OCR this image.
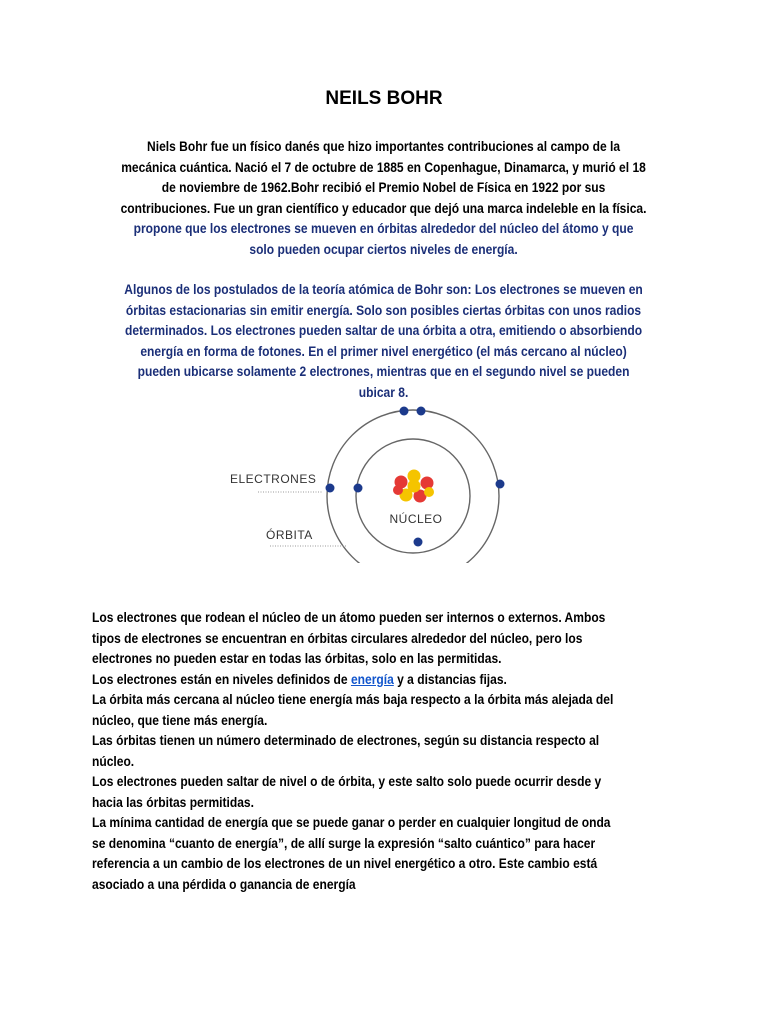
NEILS BOHR
Niels Bohr fue un físico danés que hizo importantes contribuciones al campo de la
mecánica cuántica. Nació el 7 de octubre de 1885 en Copenhague, Dinamarca, y murió el 18
de noviembre de 1962.Bohr recibió el Premio Nobel de Física en 1922 por sus
contribuciones. Fue un gran científico y educador que dejó una marca indeleble en la física.
propone que los electrones se mueven en órbitas alrededor del núcleo del átomo y que
solo pueden ocupar ciertos niveles de energía.
Algunos de los postulados de la teoría atómica de Bohr son: Los electrones se mueven en
órbitas estacionarias sin emitir energía. Solo son posibles ciertas órbitas con unos radios
determinados. Los electrones pueden saltar de una órbita a otra, emitiendo o absorbiendo
energía en forma de fotones. En el primer nivel energético (el más cercano al núcleo)
pueden ubicarse solamente 2 electrones, mientras que en el segundo nivel se pueden
ubicar 8.
ELECTRONES
ÓRBITA
NÚCLEO
Los electrones que rodean el núcleo de un átomo pueden ser internos o externos. Ambos
tipos de electrones se encuentran en órbitas circulares alrededor del núcleo, pero los
electrones no pueden estar en todas las órbitas, solo en las permitidas.
Los electrones están en niveles definidos de energía y a distancias fijas.
La órbita más cercana al núcleo tiene energía más baja respecto a la órbita más alejada del
núcleo, que tiene más energía.
Las órbitas tienen un número determinado de electrones, según su distancia respecto al
núcleo.
Los electrones pueden saltar de nivel o de órbita, y este salto solo puede ocurrir desde y
hacia las órbitas permitidas.
La mínima cantidad de energía que se puede ganar o perder en cualquier longitud de onda
se denomina “cuanto de energía”, de allí surge la expresión “salto cuántico” para hacer
referencia a un cambio de los electrones de un nivel energético a otro. Este cambio está
asociado a una pérdida o ganancia de energía
